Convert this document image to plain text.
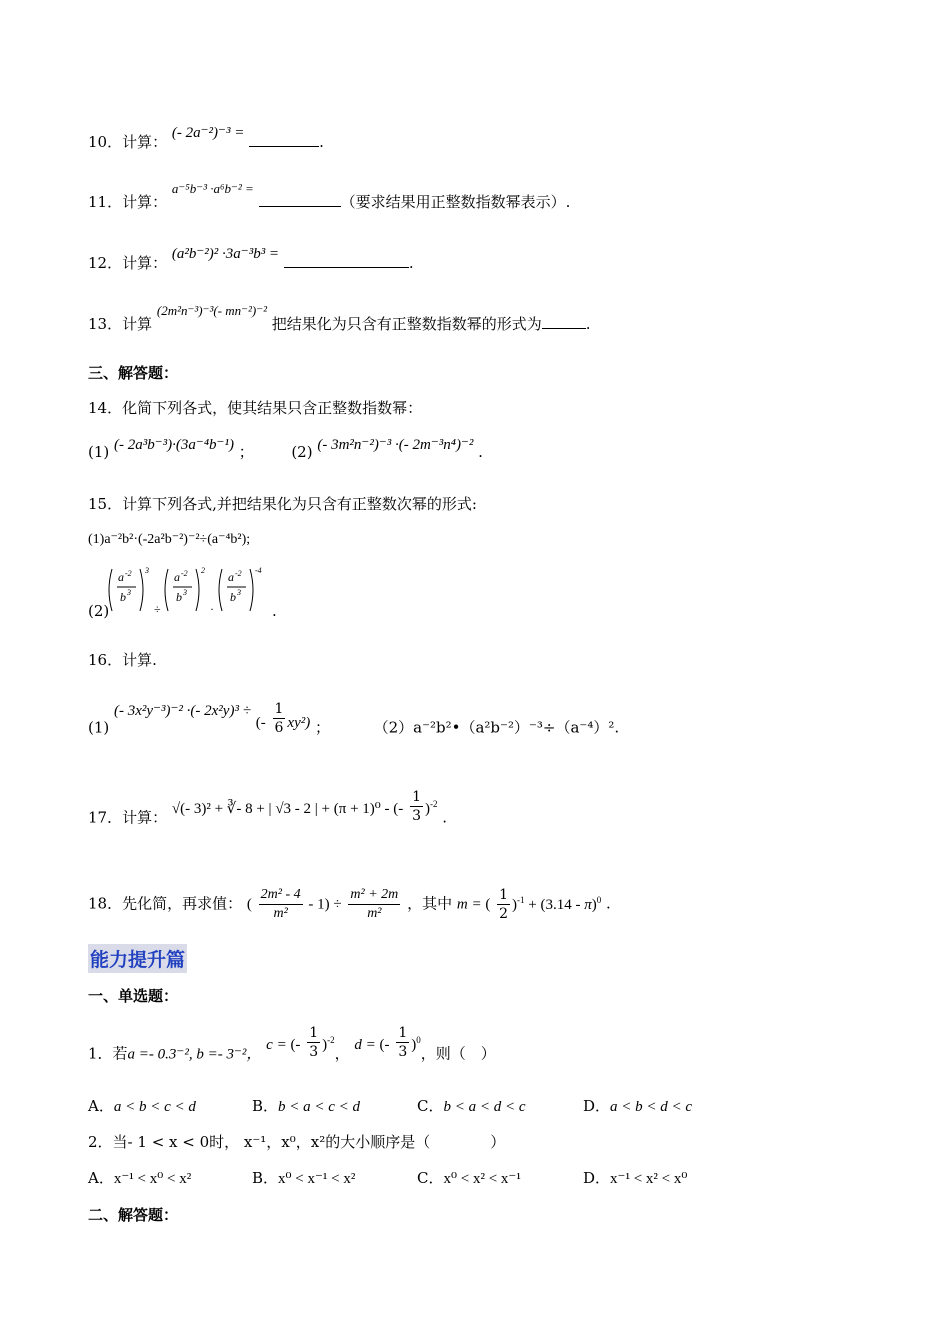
10．计算： (- 2a⁻²)⁻³ =	.
11．计算： a⁻⁵b⁻³ ·a⁶b⁻² = （要求结果用正整数指数幂表示）.
12．计算： (a²b⁻²)² ·3a⁻³b³ =	.
13．计算 (2m²n⁻³)⁻³(- mn⁻²)⁻² 把结果化为只含有正整数指数幂的形式为	.
三、解答题：
14．化简下列各式，使其结果只含正整数指数幂：
(1) (- 2a³b⁻³)·(3a⁻⁴b⁻¹) ；	(2) (- 3m²n⁻²)⁻³ ·(- 2m⁻³n⁴)⁻² .
15．计算下列各式,并把结果化为只含有正整数次幂的形式:
(1)a⁻²b²·(-2a²b⁻²)⁻²÷(a⁻⁴b²);
(2)
a -2
b 3
3
÷
a -2
b 3
2
·
a -2
b 3
-4
.
16．计算.
(1) (- 3x²y⁻³)⁻² ·(- 2x²y)³ ÷ (- $\frac{1}{6} xy^2$) ；	（2）a⁻²b²•（a²b⁻²）⁻³÷（a⁻⁴）².
17．计算： √(- 3)² + ∛- 8 + | √3 - 2 | + (π + 1)⁰ - (- $\frac{1}{3} )^{-2}$ .
18．先化简，再求值： ( $\frac{\text{2m² - 4}}{\text{m²}} - 1) \div \frac{\text{m² + 2m}}{\text{m²}}$ ，其中 m = ( $\frac{1}{2} )^{-1} + (3.14 - \pi)^0$ .
能力提升篇
一、单选题：
1．若a =- 0.3⁻², b =- 3⁻²， c = (- $\frac{1}{3} )^{-2}$， d = (- $\frac{1}{3} )^0$，则（　）
A．a < b < c < d	B．b < a < c < d	C．b < a < d < c	D．a < b < d < c
2．当- 1 < x < 0时， x⁻¹，x⁰，x²的大小顺序是（　　　　）
A．x⁻¹ < x⁰ < x²	B．x⁰ < x⁻¹ < x²	C．x⁰ < x² < x⁻¹	D．x⁻¹ < x² < x⁰
二、解答题：
